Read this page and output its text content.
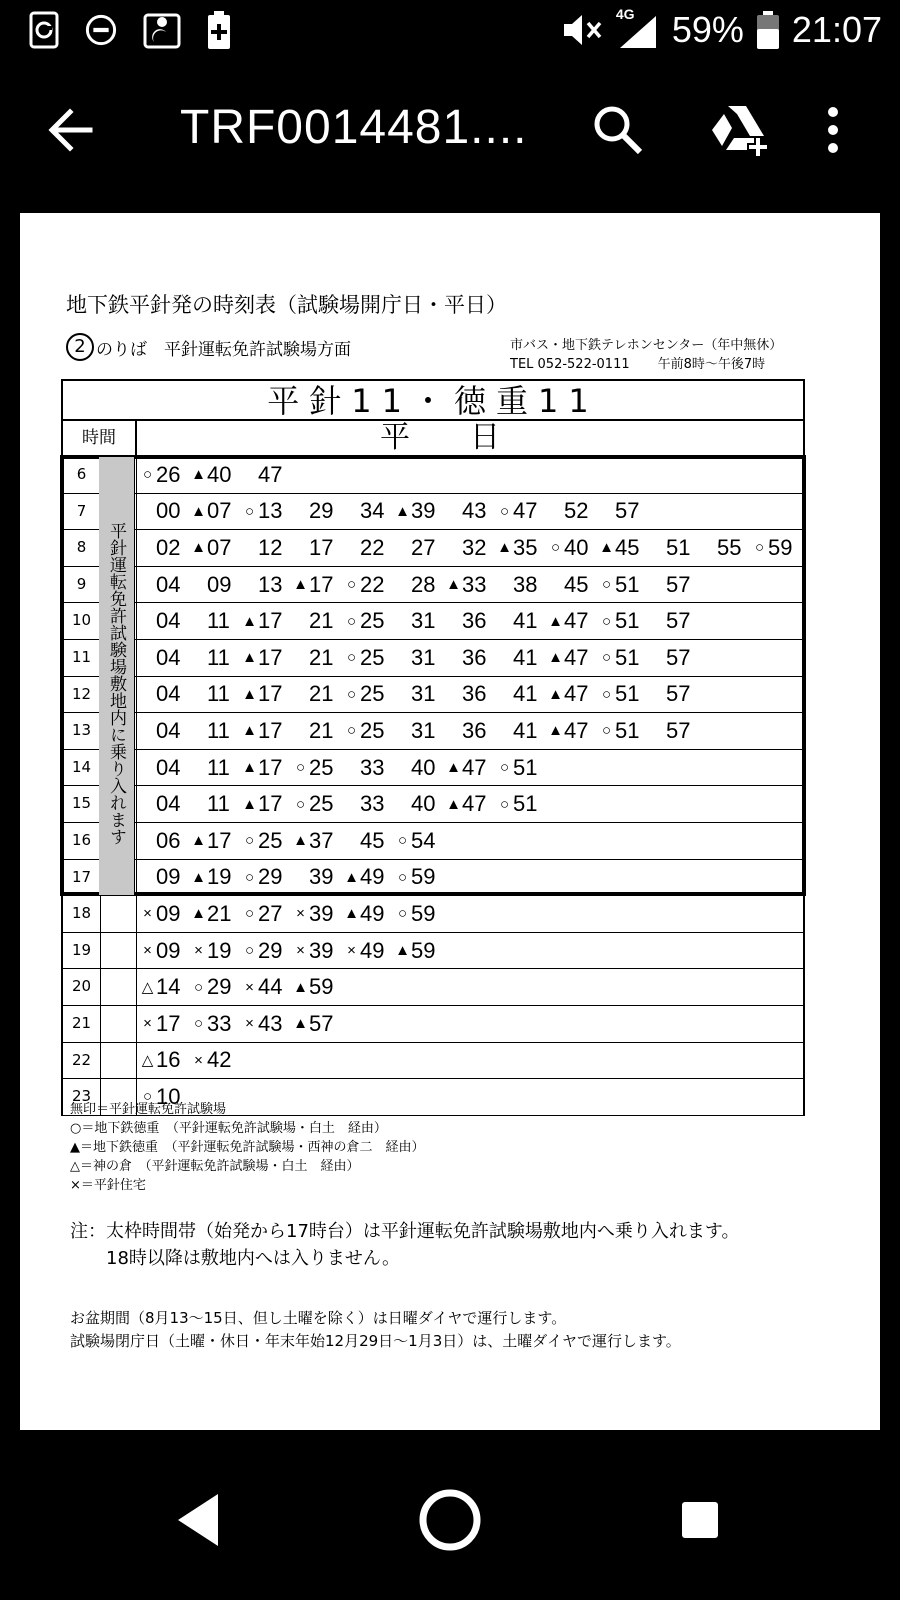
4G 59% 21:07
TRF0014481....
地下鉄平針発の時刻表（試験場開庁日・平日）
2 のりば　平針運転免許試験場方面	市バス・地下鉄テレホンセンター（年中無休）
TEL 052-522-0111 午前8時～午後7時
平針11・徳重11
時間	平日
6	○ 26 ▲ 40 47
7	00 ▲ 07 ○ 13 29 34 ▲ 39 43 ○ 47 52 57
8	02 ▲ 07 12 17 22 27 32 ▲ 35 ○ 40 ▲ 45 51 55 ○ 59
9	04 09 13 ▲ 17 ○ 22 28 ▲ 33 38 45 ○ 51 57
10	04 11 ▲ 17 21 ○ 25 31 36 41 ▲ 47 ○ 51 57
11	04 11 ▲ 17 21 ○ 25 31 36 41 ▲ 47 ○ 51 57
12	04 11 ▲ 17 21 ○ 25 31 36 41 ▲ 47 ○ 51 57
13	04 11 ▲ 17 21 ○ 25 31 36 41 ▲ 47 ○ 51 57
14	04 11 ▲ 17 ○ 25 33 40 ▲ 47 ○ 51
15	04 11 ▲ 17 ○ 25 33 40 ▲ 47 ○ 51
16	06 ▲ 17 ○ 25 ▲ 37 45 ○ 54
17	09 ▲ 19 ○ 29 39 ▲ 49 ○ 59
18	× 09 ▲ 21 ○ 27 × 39 ▲ 49 ○ 59
19	× 09 × 19 ○ 29 × 39 × 49 ▲ 59
20	△ 14 ○ 29 × 44 ▲ 59
21	× 17 ○ 33 × 43 ▲ 57
22	△ 16 × 42
23	○ 10
平針運転免許試験場敷地内に乗り入れます
無印＝平針運転免許試験場
○＝地下鉄徳重　（平針運転免許試験場・白土　経由）
▲＝地下鉄徳重　（平針運転免許試験場・西神の倉二　経由）
△＝神の倉　（平針運転免許試験場・白土　経由）
×＝平針住宅
注：太枠時間帯（始発から17時台）は平針運転免許試験場敷地内へ乗り入れます。
　　18時以降は敷地内へは入りません。
お盆期間（8月13～15日、但し土曜を除く）は日曜ダイヤで運行します。
試験場閉庁日（土曜・休日・年末年始12月29日～1月3日）は、土曜ダイヤで運行します。
